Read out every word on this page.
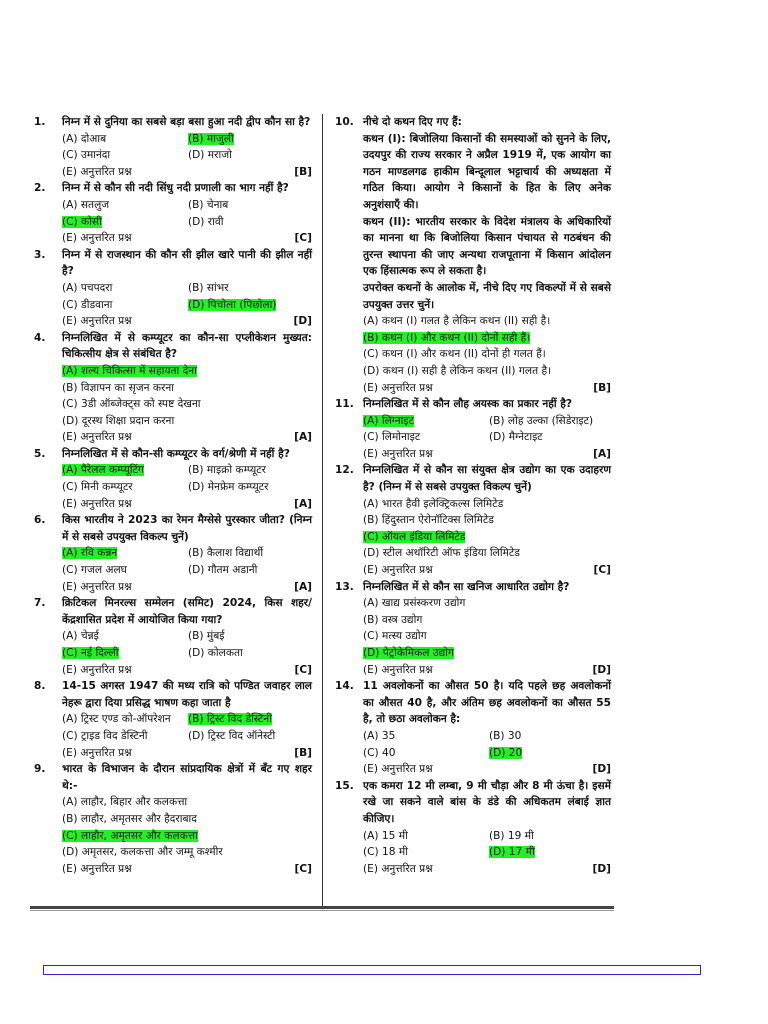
1. निम्न में से दुनिया का सबसे बड़ा बसा हुआ नदी द्वीप कौन सा है?
(A) दोआब	(B) माजुली
(C) उमानंदा	(D) मराजो
(E) अनुत्तरित प्रश्न	[B]
2. निम्न में से कौन सी नदी सिंधु नदी प्रणाली का भाग नहीं है?
(A) सतलुज	(B) चेनाब
(C) कोसी	(D) रावी
(E) अनुत्तरित प्रश्न	[C]
3. निम्न में से राजस्थान की कौन सी झील खारे पानी की झील नहीं है?
(A) पचपदरा	(B) सांभर
(C) डीडवाना	(D) पिचोला (पिछोला)
(E) अनुत्तरित प्रश्न	[D]
4. निम्नलिखित में से कम्प्यूटर का कौन-सा एप्लीकेशन मुख्यत: चिकित्सीय क्षेत्र से संबंधित है?
(A) शल्य चिकित्सा में सहायता देना
(B) विज्ञापन का सृजन करना
(C) 3डी ऑब्जेक्ट्स को स्पष्ट देखना
(D) दूरस्थ शिक्षा प्रदान करना
(E) अनुत्तरित प्रश्न	[A]
5. निम्नलिखित में से कौन-सी कम्प्यूटर के वर्ग/श्रेणी में नहीं है?
(A) पैरेलल कम्प्यूटिंग	(B) माइक्रो कम्प्यूटर
(C) मिनी कम्प्यूटर	(D) मेनफ्रेम कम्प्यूटर
(E) अनुत्तरित प्रश्न	[A]
6. किस भारतीय ने 2023 का रेमन मैग्सेसे पुरस्कार जीता? (निम्न में से सबसे उपयुक्त विकल्प चुनें)
(A) रवि कन्नन	(B) कैलाश विद्यार्थी
(C) गजल अलघ	(D) गौतम अडानी
(E) अनुत्तरित प्रश्न	[A]
7. क्रिटिकल मिनरल्स सम्मेलन (समिट) 2024, किस शहर/केंद्रशासित प्रदेश में आयोजित किया गया?
(A) चेन्नई	(B) मुंबई
(C) नई दिल्ली	(D) कोलकता
(E) अनुत्तरित प्रश्न	[C]
8. 14-15 अगस्त 1947 की मध्य रात्रि को पण्डित जवाहर लाल नेहरू द्वारा दिया प्रसिद्ध भाषण कहा जाता है
(A) ट्रिस्ट एण्ड को-ऑपरेशन	(B) ट्रिस्ट विद डेस्टिनी
(C) ट्राइड विद डेस्टिनी	(D) ट्रिस्ट विद ऑनेस्टी
(E) अनुत्तरित प्रश्न	[B]
9. भारत के विभाजन के दौरान सांप्रदायिक क्षेत्रों में बँट गए शहर थे:-
(A) लाहौर, बिहार और कलकत्ता
(B) लाहौर, अमृतसर और हैदराबाद
(C) लाहौर, अमृतसर और कलकत्ता
(D) अमृतसर, कलकत्ता और जम्मू कश्मीर
(E) अनुत्तरित प्रश्न	[C]
10. नीचे दो कथन दिए गए हैं:
कथन (I): बिजोलिया किसानों की समस्याओं को सुनने के लिए, उदयपुर की राज्य सरकार ने अप्रैल 1919 में, एक आयोग का गठन माण्डलगढ हाकीम बिन्दूलाल भट्टाचार्य की अध्यक्षता में गठित किया। आयोग ने किसानों के हित के लिए अनेक अनुशंसाएँ की।
कथन (II): भारतीय सरकार के विदेश मंत्रालय के अधिकारियों का मानना था कि बिजोलिया किसान पंचायत से गठबंधन की तुरन्त स्थापना की जाए अन्यथा राजपूताना में किसान आंदोलन एक हिंसात्मक रूप ले सकता है।
उपरोक्त कथनों के आलोक में, नीचे दिए गए विकल्पों में से सबसे उपयुक्त उत्तर चुनें।
(A) कथन (I) गलत है लेकिन कथन (II) सही है।
(B) कथन (I) और कथन (II) दोनों सही हैं।
(C) कथन (I) और कथन (II) दोनों ही गलत हैं।
(D) कथन (I) सही है लेकिन कथन (II) गलत है।
(E) अनुत्तरित प्रश्न	[B]
11. निम्नलिखित में से कौन लौह अयस्क का प्रकार नहीं है?
(A) लिग्नाइट	(B) लोह उल्का (सिडेराइट)
(C) लिमोनाइट	(D) मैग्नेटाइट
(E) अनुत्तरित प्रश्न	[A]
12. निम्नलिखित में से कौन सा संयुक्त क्षेत्र उद्योग का एक उदाहरण है? (निम्न में से सबसे उपयुक्त विकल्प चुनें)
(A) भारत हैवी इलेक्ट्रिकल्स लिमिटेड
(B) हिंदुस्तान ऐरोनॉटिक्स लिमिटेड
(C) ऑयल इंडिया लिमिटेड
(D) स्टील अथॉरिटी ऑफ इंडिया लिमिटेड
(E) अनुत्तरित प्रश्न	[C]
13. निम्नलिखित में से कौन सा खनिज आधारित उद्योग है?
(A) खाद्य प्रसंस्करण उद्योग
(B) वस्त्र उद्योग
(C) मत्स्य उद्योग
(D) पेट्रोकेमिकल उद्योग
(E) अनुत्तरित प्रश्न	[D]
14. 11 अवलोकनों का औसत 50 है। यदि पहले छह अवलोकनों का औसत 40 है, और अंतिम छह अवलोकनों का औसत 55 है, तो छठा अवलोकन है:
(A) 35	(B) 30
(C) 40	(D) 20
(E) अनुत्तरित प्रश्न	[D]
15. एक कमरा 12 मी लम्बा, 9 मी चौड़ा और 8 मी ऊंचा है। इसमें रखे जा सकने वाले बांस के डंडे की अधिकतम लंबाई ज्ञात कीजिए।
(A) 15 मी	(B) 19 मी
(C) 18 मी	(D) 17 मी
(E) अनुत्तरित प्रश्न	[D]
